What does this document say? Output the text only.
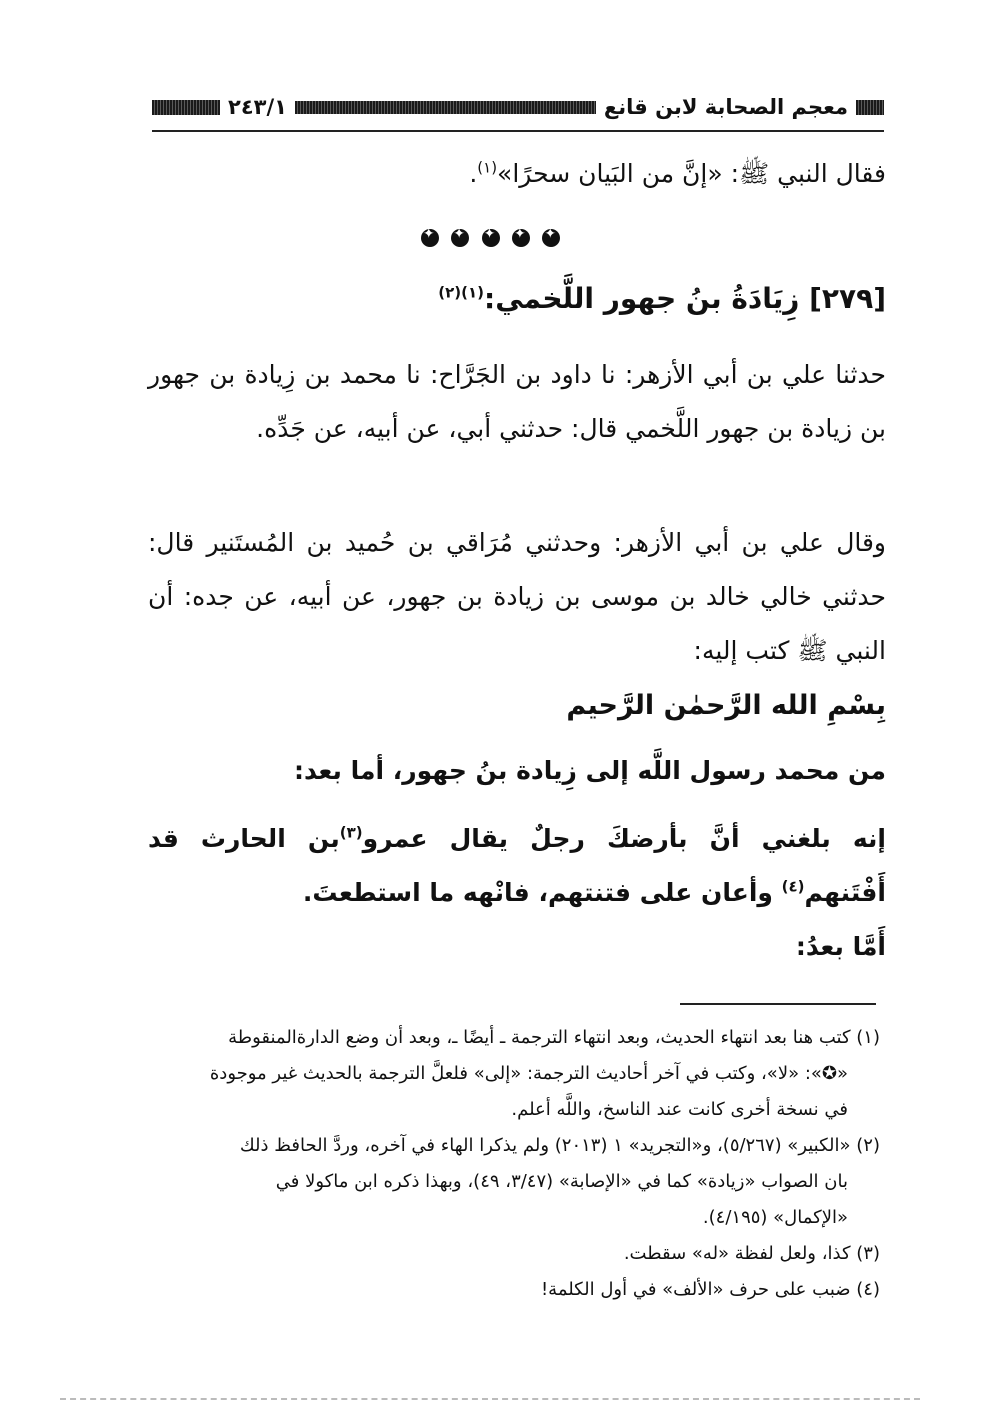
معجم الصحابة لابن قانع
٢٤٣/١
فقال النبي ﷺ: «إنَّ من البَيان سحرًا»$^{(١)}$.
✦ ✦ ✦ ✦ ✦
[٢٧٩] زِيَادَةُ بنُ جهور اللَّخمي:$^{(١)(٢)}$
حدثنا علي بن أبي الأزهر: نا داود بن الجَرَّاح: نا محمد بن زِيادة بن جهور بن زيادة بن جهور اللَّخمي قال: حدثني أبي، عن أبيه، عن جَدِّه.
وقال علي بن أبي الأزهر: وحدثني مُرَاقي بن حُميد بن المُستَنير قال: حدثني خالي خالد بن موسى بن زيادة بن جهور، عن أبيه، عن جده: أن النبي ﷺ كتب إليه:
بِسْمِ الله الرَّحمٰن الرَّحيم
من محمد رسول اللَّه إلى زِيادة بنُ جهور، أما بعد:
إنه بلغني أنَّ بأرضكَ رجلٌ يقال عمرو$^{(٣)}$بن الحارث قد أَفْتَنهم$^{(٤)}$ وأعان على فتنتهم، فانْهه ما استطعتَ.
أَمَّا بعدُ:

(١) كتب هنا بعد انتهاء الحديث، وبعد انتهاء الترجمة ـ أيضًا ـ، وبعد أن وضع الدارةالمنقوطة

«✪»: «لا»، وكتب في آخر أحاديث الترجمة: «إلى» فلعلَّ الترجمة بالحديث غير موجودة

في نسخة أخرى كانت عند الناسخ، واللَّه أعلم.

(٢) «الكبير» (٥/٢٦٧)، و«التجريد» ١ (٢٠١٣) ولم يذكرا الهاء في آخره، وردَّ الحافظ ذلك

بان الصواب «زيادة» كما في «الإصابة» (٣/٤٧، ٤٩)، وبهذا ذكره ابن ماكولا في

«الإكمال» (٤/١٩٥).

(٣) كذا، ولعل لفظة «له» سقطت.

(٤) ضبب على حرف «الألف» في أول الكلمة!
